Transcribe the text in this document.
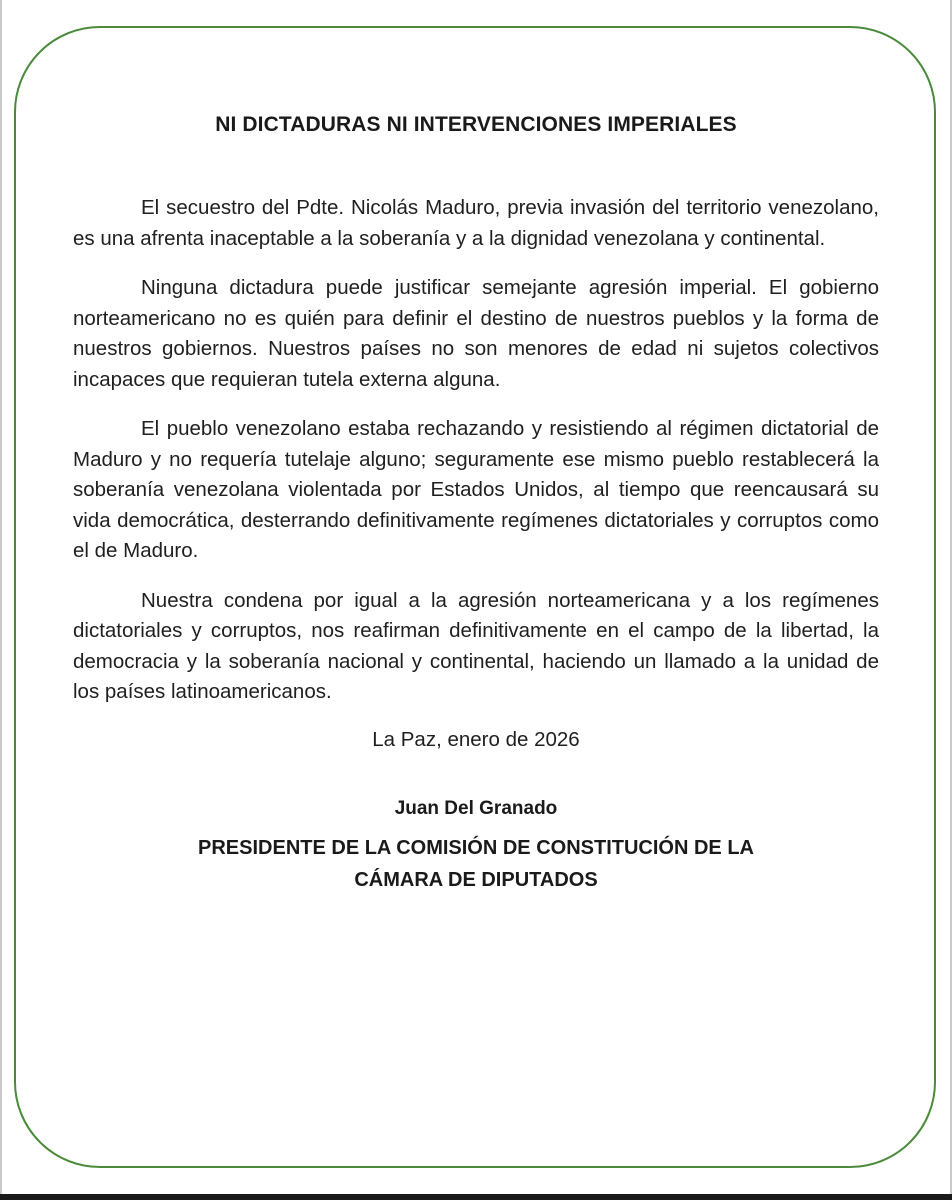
NI DICTADURAS NI INTERVENCIONES IMPERIALES

El secuestro del Pdte. Nicolás Maduro, previa invasión del territorio venezolano, es una afrenta inaceptable a la soberanía y a la dignidad venezolana y continental.

Ninguna dictadura puede justificar semejante agresión imperial. El gobierno norteamericano no es quién para definir el destino de nuestros pueblos y la forma de nuestros gobiernos. Nuestros países no son menores de edad ni sujetos colectivos incapaces que requieran tutela externa alguna.

El pueblo venezolano estaba rechazando y resistiendo al régimen dictatorial de Maduro y no requería tutelaje alguno; seguramente ese mismo pueblo restablecerá la soberanía venezolana violentada por Estados Unidos, al tiempo que reencausará su vida democrática, desterrando definitivamente regímenes dictatoriales y corruptos como el de Maduro.

Nuestra condena por igual a la agresión norteamericana y a los regímenes dictatoriales y corruptos, nos reafirman definitivamente en el campo de la libertad, la democracia y la soberanía nacional y continental, haciendo un llamado a la unidad de los países latinoamericanos.

La Paz, enero de 2026
Juan Del Granado
PRESIDENTE DE LA COMISIÓN DE CONSTITUCIÓN DE LA
CÁMARA DE DIPUTADOS
